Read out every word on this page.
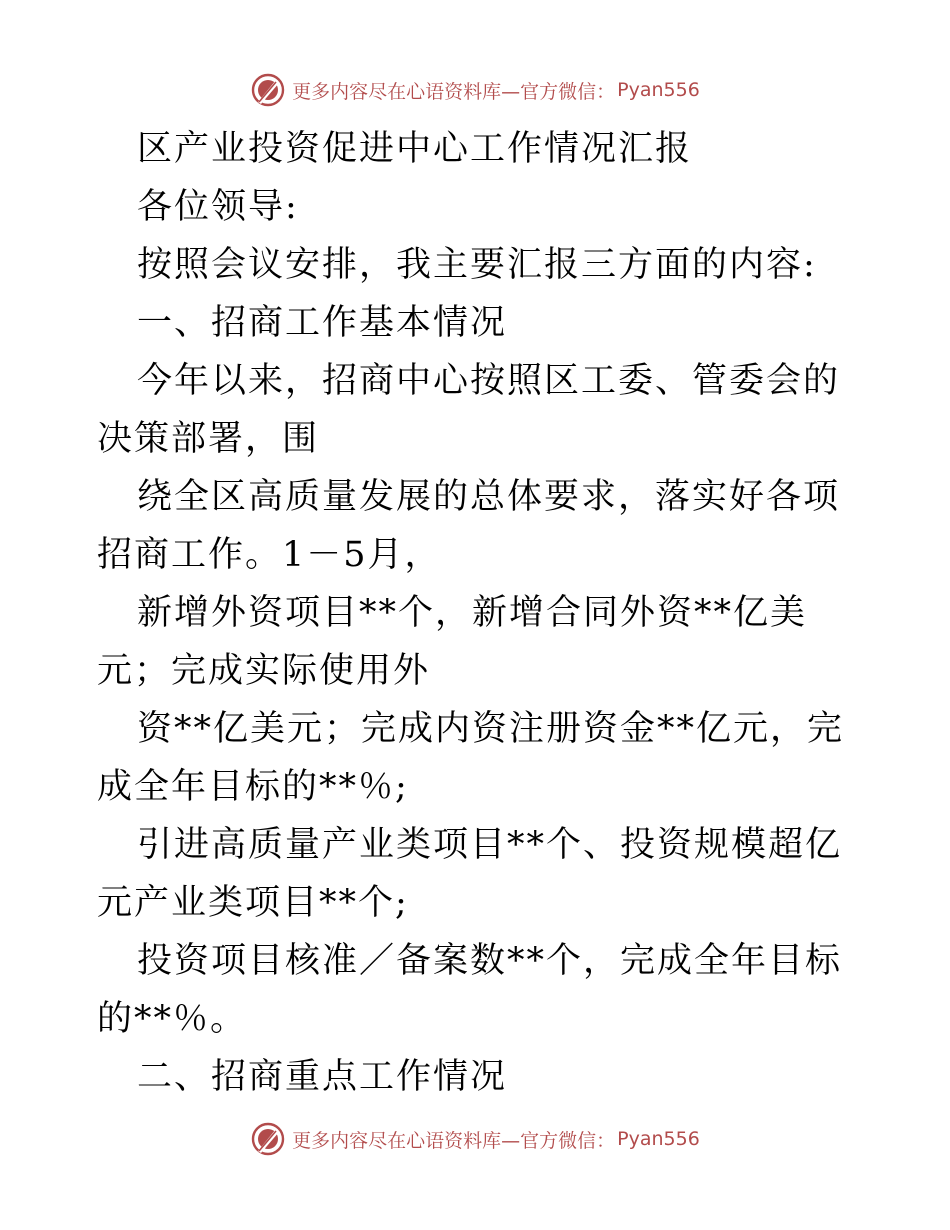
更多内容尽在心语资料库—官方微信： Pyan556

区产业投资促进中心工作情况汇报

各位领导:

按照会议安排，我主要汇报三方面的内容:

一、招商工作基本情况

今年以来，招商中心按照区工委、管委会的决策部署，围

绕全区高质量发展的总体要求，落实好各项招商工作。1－5月，

新增外资项目**个，新增合同外资**亿美元；完成实际使用外

资**亿美元；完成内资注册资金**亿元，完成全年目标的**％;

引进高质量产业类项目**个、投资规模超亿元产业类项目**个;

投资项目核准／备案数**个，完成全年目标的**％。

二、招商重点工作情况

更多内容尽在心语资料库—官方微信： Pyan556
